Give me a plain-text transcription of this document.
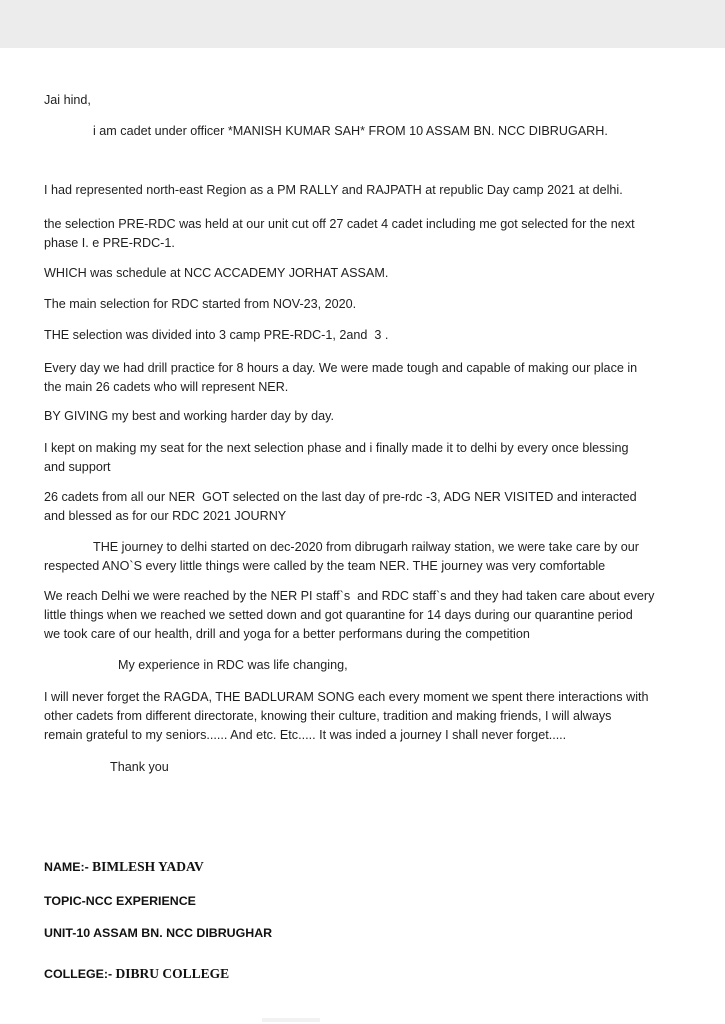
Jai hind,

i am cadet under officer *MANISH KUMAR SAH* FROM 10 ASSAM BN. NCC DIBRUGARH.

I had represented north-east Region as a PM RALLY and RAJPATH at republic Day camp 2021 at delhi.

the selection PRE-RDC was held at our unit cut off 27 cadet 4 cadet including me got selected for the next

phase I. e PRE-RDC-1.

WHICH was schedule at NCC ACCADEMY JORHAT ASSAM.

The main selection for RDC started from NOV-23, 2020.

THE selection was divided into 3 camp PRE-RDC-1, 2and  3 .

Every day we had drill practice for 8 hours a day. We were made tough and capable of making our place in

the main 26 cadets who will represent NER.

BY GIVING my best and working harder day by day.

I kept on making my seat for the next selection phase and i finally made it to delhi by every once blessing

and support

26 cadets from all our NER  GOT selected on the last day of pre-rdc -3, ADG NER VISITED and interacted

and blessed as for our RDC 2021 JOURNY

THE journey to delhi started on dec-2020 from dibrugarh railway station, we were take care by our

respected ANO`S every little things were called by the team NER. THE journey was very comfortable

We reach Delhi we were reached by the NER PI staff`s  and RDC staff`s and they had taken care about every

little things when we reached we setted down and got quarantine for 14 days during our quarantine period

we took care of our health, drill and yoga for a better performans during the competition

My experience in RDC was life changing,

I will never forget the RAGDA, THE BADLURAM SONG each every moment we spent there interactions with

other cadets from different directorate, knowing their culture, tradition and making friends, I will always

remain grateful to my seniors...... And etc. Etc..... It was inded a journey I shall never forget.....

Thank you

NAME:- BIMLESH YADAV

TOPIC-NCC EXPERIENCE

UNIT-10 ASSAM BN. NCC DIBRUGHAR

COLLEGE:- DIBRU COLLEGE
